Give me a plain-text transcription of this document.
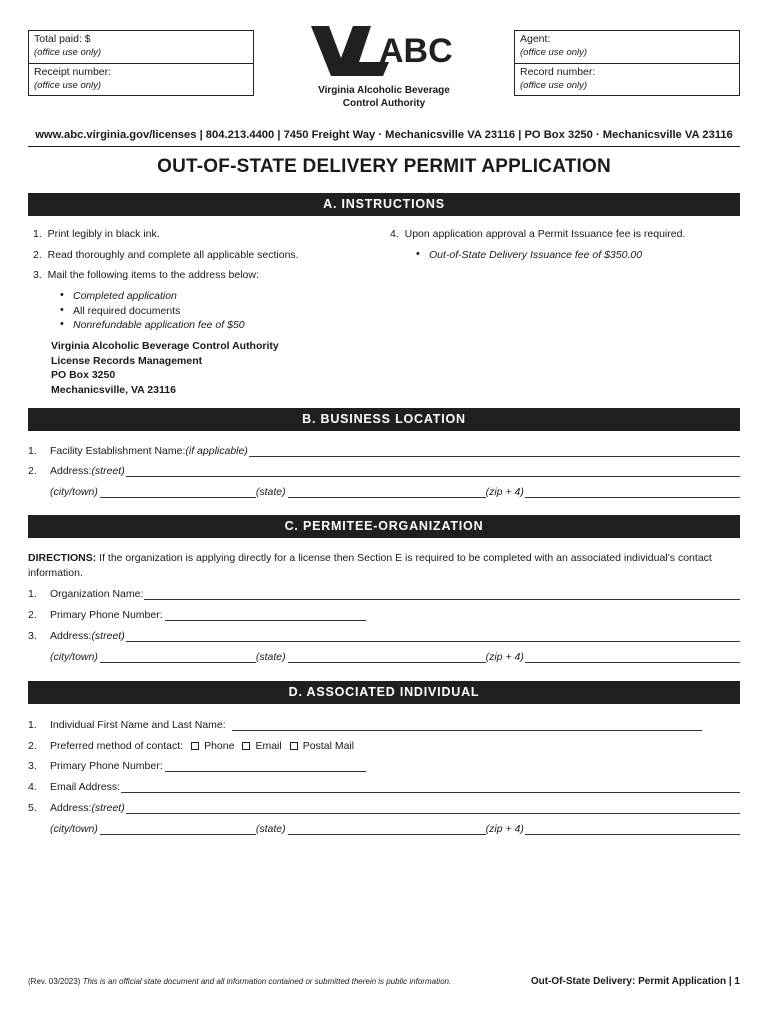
Total paid: $
(office use only)
Receipt number:
(office use only)
Agent:
(office use only)
Record number:
(office use only)
ABC
Virginia Alcoholic Beverage
Control Authority
www.abc.virginia.gov/licenses | 804.213.4400 | 7450 Freight Way · Mechanicsville VA 23116 | PO Box 3250 · Mechanicsville VA 23116
OUT-OF-STATE DELIVERY PERMIT APPLICATION
A. INSTRUCTIONS
1. Print legibly in black ink.
2. Read thoroughly and complete all applicable sections.
3. Mail the following items to the address below:
• Completed application
• All required documents
• Nonrefundable application fee of $50
Virginia Alcoholic Beverage Control Authority
License Records Management
PO Box 3250
Mechanicsville, VA 23116
4. Upon application approval a Permit Issuance fee is required.
• Out-of-State Delivery Issuance fee of $350.00
B. BUSINESS LOCATION
1.	Facility Establishment Name: (if applicable)
2.	Address: (street)
(city/town)	(state)	(zip + 4)
C. PERMITEE-ORGANIZATION
DIRECTIONS: If the organization is applying directly for a license then Section E is required to be completed with an associated individual’s contact information.
1.	Organization Name:
2.	Primary Phone Number:
3.	Address: (street)
(city/town)	(state)	(zip + 4)
D. ASSOCIATED INDIVIDUAL
1.	Individual First Name and Last Name:
2.	Preferred method of contact: Phone Email Postal Mail
3.	Primary Phone Number:
4.	Email Address:
5.	Address: (street)
(city/town)	(state)	(zip + 4)
(Rev. 03/2023) This is an official state document and all information contained or submitted therein is public information.	Out-Of-State Delivery: Permit Application | 1
